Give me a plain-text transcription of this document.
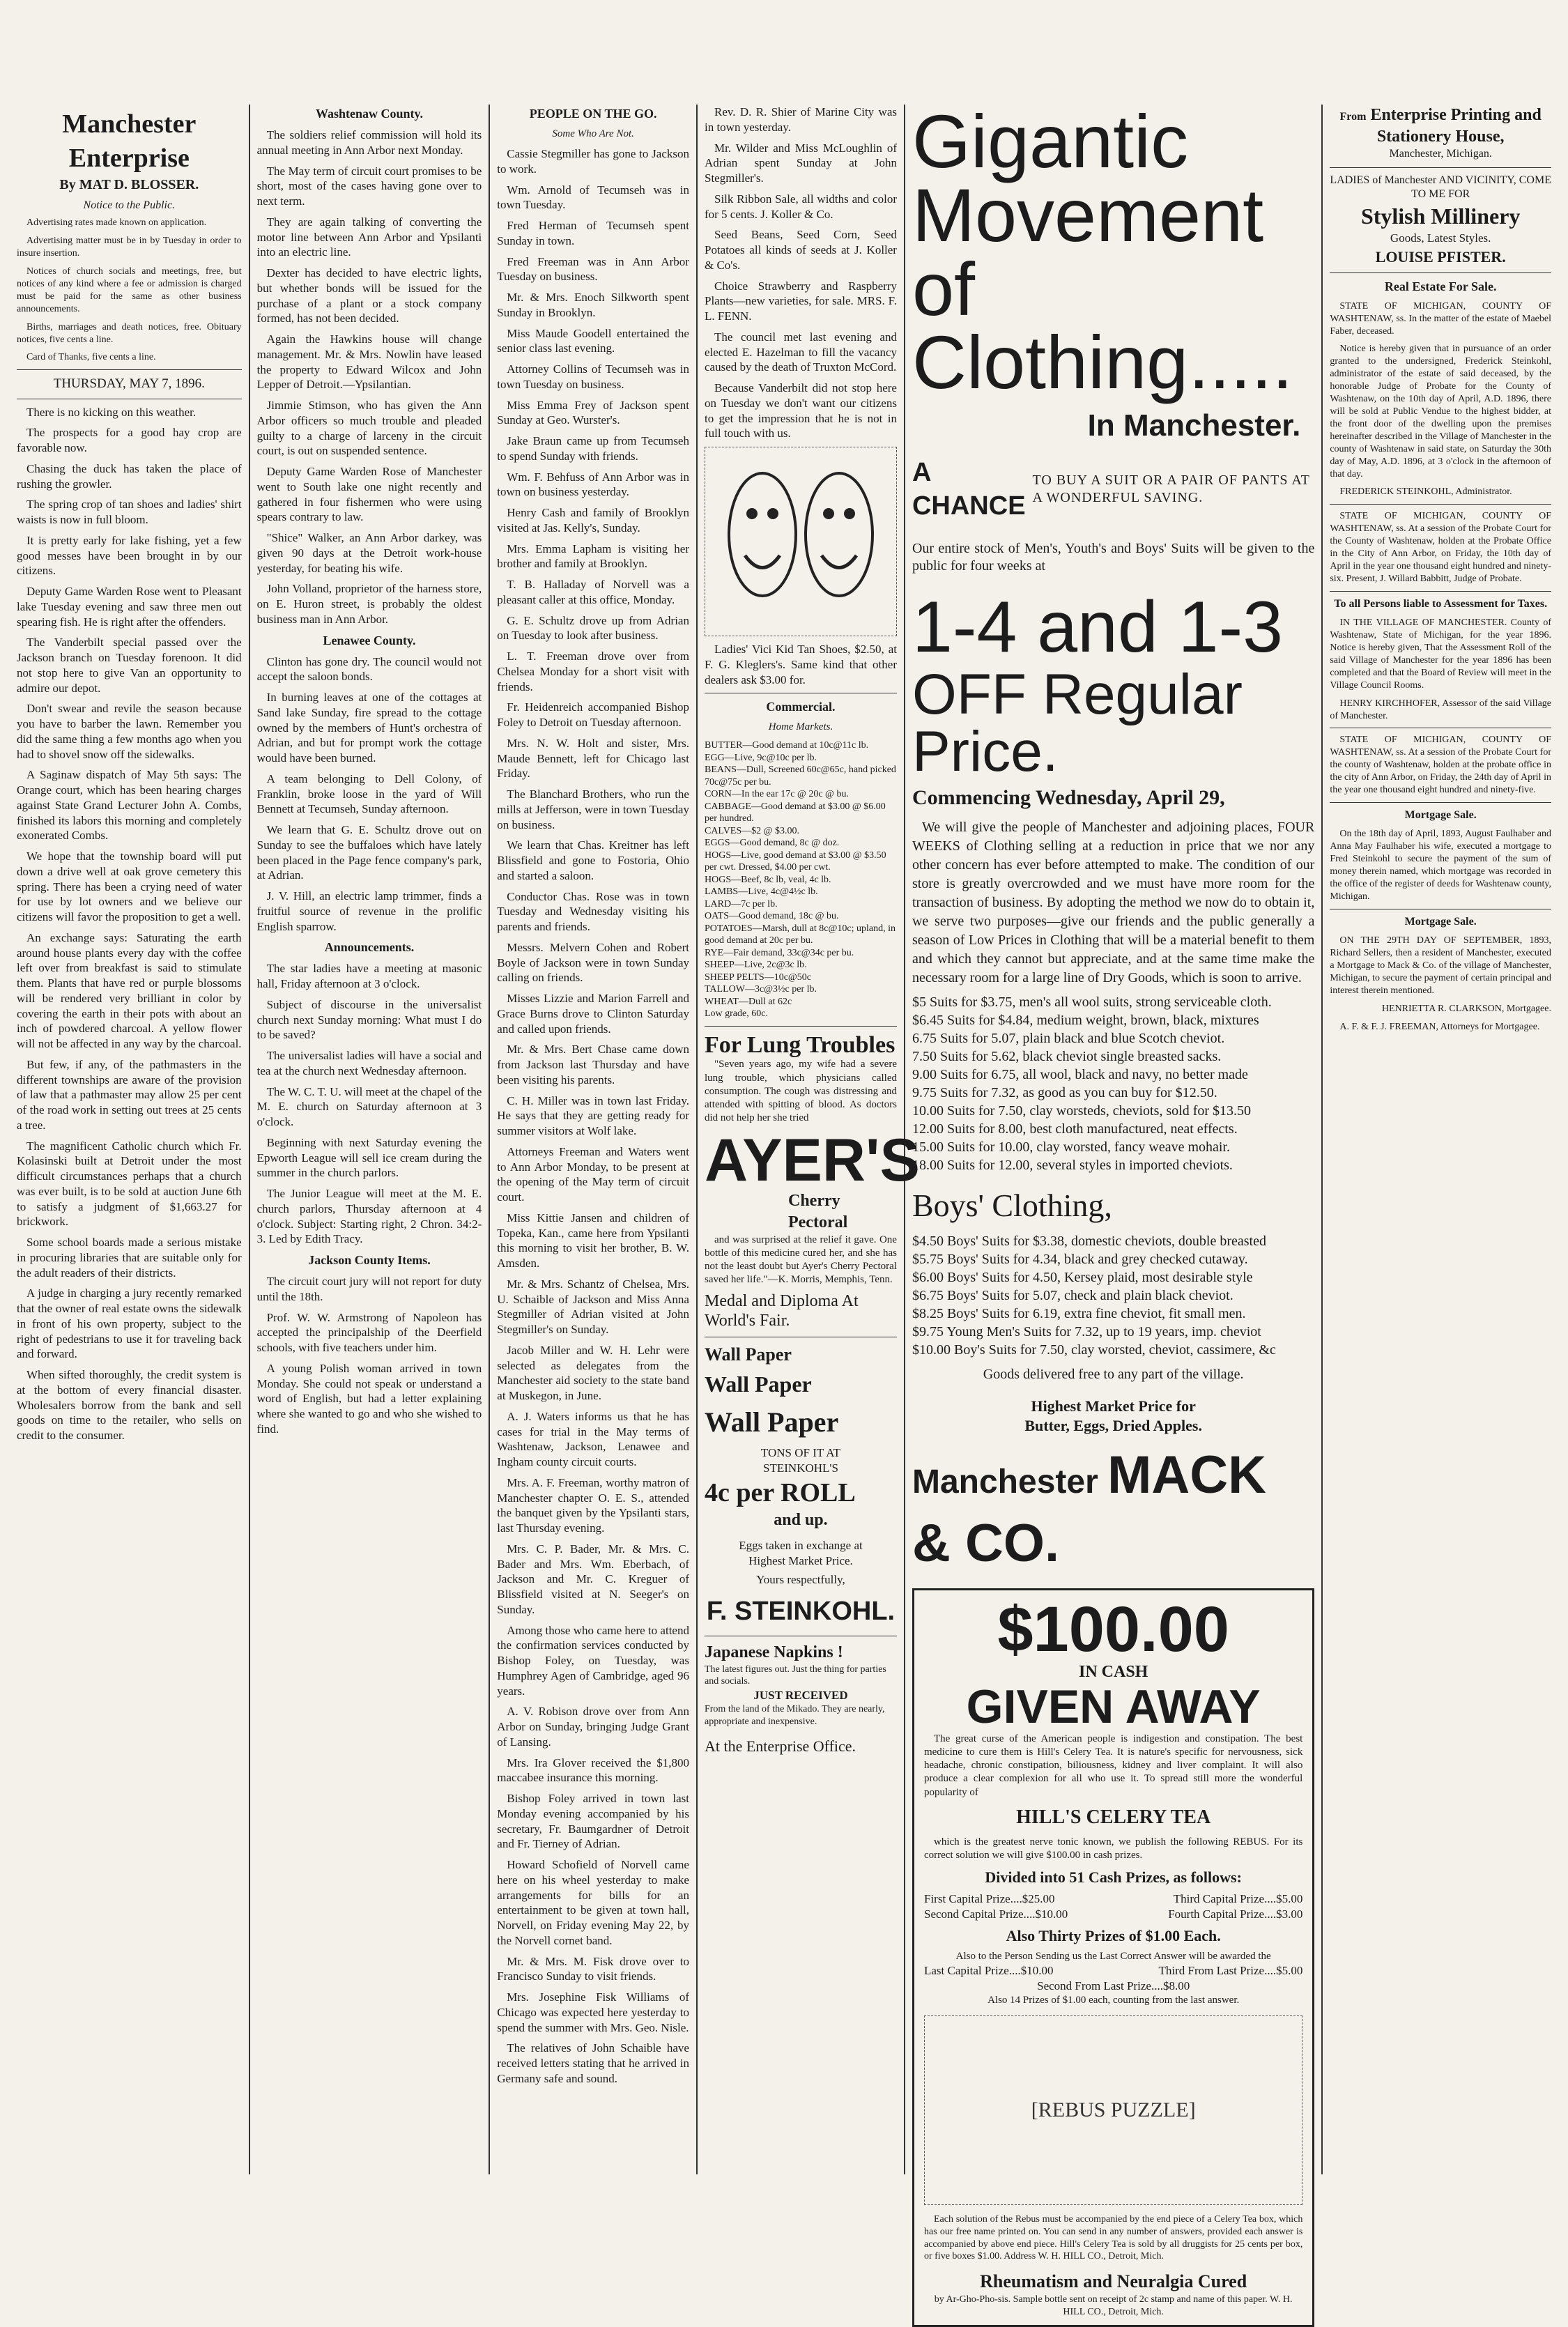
Manchester Enterprise
By MAT D. BLOSSER.
Notice to the Public.

Advertising rates made known on application.

Advertising matter must be in by Tuesday in order to insure insertion.

Notices of church socials and meetings, free, but notices of any kind where a fee or admission is charged must be paid for the same as other business announcements.

Births, marriages and death notices, free. Obituary notices, five cents a line.

Card of Thanks, five cents a line.

THURSDAY, MAY 7, 1896.

There is no kicking on this weather.

The prospects for a good hay crop are favorable now.

Chasing the duck has taken the place of rushing the growler.

The spring crop of tan shoes and ladies' shirt waists is now in full bloom.

It is pretty early for lake fishing, yet a few good messes have been brought in by our citizens.

Deputy Game Warden Rose went to Pleasant lake Tuesday evening and saw three men out spearing fish. He is right after the offenders.

The Vanderbilt special passed over the Jackson branch on Tuesday forenoon. It did not stop here to give Van an opportunity to admire our depot.

Don't swear and revile the season because you have to barber the lawn. Remember you did the same thing a few months ago when you had to shovel snow off the sidewalks.

A Saginaw dispatch of May 5th says: The Orange court, which has been hearing charges against State Grand Lecturer John A. Combs, finished its labors this morning and completely exonerated Combs.

We hope that the township board will put down a drive well at oak grove cemetery this spring. There has been a crying need of water for use by lot owners and we believe our citizens will favor the proposition to get a well.

An exchange says: Saturating the earth around house plants every day with the coffee left over from breakfast is said to stimulate them. Plants that have red or purple blossoms will be rendered very brilliant in color by covering the earth in their pots with about an inch of powdered charcoal. A yellow flower will not be affected in any way by the charcoal.

But few, if any, of the pathmasters in the different townships are aware of the provision of law that a pathmaster may allow 25 per cent of the road work in setting out trees at 25 cents a tree.

The magnificent Catholic church which Fr. Kolasinski built at Detroit under the most difficult circumstances perhaps that a church was ever built, is to be sold at auction June 6th to satisfy a judgment of $1,663.27 for brickwork.

Some school boards made a serious mistake in procuring libraries that are suitable only for the adult readers of their districts.

A judge in charging a jury recently remarked that the owner of real estate owns the sidewalk in front of his own property, subject to the right of pedestrians to use it for traveling back and forward.

When sifted thoroughly, the credit system is at the bottom of every financial disaster. Wholesalers borrow from the bank and sell goods on time to the retailer, who sells on credit to the consumer.

Washtenaw County.

The soldiers relief commission will hold its annual meeting in Ann Arbor next Monday.

The May term of circuit court promises to be short, most of the cases having gone over to next term.

They are again talking of converting the motor line between Ann Arbor and Ypsilanti into an electric line.

Dexter has decided to have electric lights, but whether bonds will be issued for the purchase of a plant or a stock company formed, has not been decided.

Again the Hawkins house will change management. Mr. & Mrs. Nowlin have leased the property to Edward Wilcox and John Lepper of Detroit.—Ypsilantian.

Jimmie Stimson, who has given the Ann Arbor officers so much trouble and pleaded guilty to a charge of larceny in the circuit court, is out on suspended sentence.

Deputy Game Warden Rose of Manchester went to South lake one night recently and gathered in four fishermen who were using spears contrary to law.

"Shice" Walker, an Ann Arbor darkey, was given 90 days at the Detroit work-house yesterday, for beating his wife.

John Volland, proprietor of the harness store, on E. Huron street, is probably the oldest business man in Ann Arbor.

Lenawee County.

Clinton has gone dry. The council would not accept the saloon bonds.

In burning leaves at one of the cottages at Sand lake Sunday, fire spread to the cottage owned by the members of Hunt's orchestra of Adrian, and but for prompt work the cottage would have been burned.

A team belonging to Dell Colony, of Franklin, broke loose in the yard of Will Bennett at Tecumseh, Sunday afternoon.

We learn that G. E. Schultz drove out on Sunday to see the buffaloes which have lately been placed in the Page fence company's park, at Adrian.

J. V. Hill, an electric lamp trimmer, finds a fruitful source of revenue in the prolific English sparrow.

Announcements.

The star ladies have a meeting at masonic hall, Friday afternoon at 3 o'clock.

Subject of discourse in the universalist church next Sunday morning: What must I do to be saved?

The universalist ladies will have a social and tea at the church next Wednesday afternoon.

The W. C. T. U. will meet at the chapel of the M. E. church on Saturday afternoon at 3 o'clock.

Beginning with next Saturday evening the Epworth League will sell ice cream during the summer in the church parlors.

The Junior League will meet at the M. E. church parlors, Thursday afternoon at 4 o'clock. Subject: Starting right, 2 Chron. 34:2-3. Led by Edith Tracy.

Jackson County Items.

The circuit court jury will not report for duty until the 18th.

Prof. W. W. Armstrong of Napoleon has accepted the principalship of the Deerfield schools, with five teachers under him.

A young Polish woman arrived in town Monday. She could not speak or understand a word of English, but had a letter explaining where she wanted to go and who she wished to find.

PEOPLE ON THE GO.
Some Who Are Not.

Cassie Stegmiller has gone to Jackson to work.

Wm. Arnold of Tecumseh was in town Tuesday.

Fred Herman of Tecumseh spent Sunday in town.

Fred Freeman was in Ann Arbor Tuesday on business.

Mr. & Mrs. Enoch Silkworth spent Sunday in Brooklyn.

Miss Maude Goodell entertained the senior class last evening.

Attorney Collins of Tecumseh was in town Tuesday on business.

Miss Emma Frey of Jackson spent Sunday at Geo. Wurster's.

Jake Braun came up from Tecumseh to spend Sunday with friends.

Wm. F. Behfuss of Ann Arbor was in town on business yesterday.

Henry Cash and family of Brooklyn visited at Jas. Kelly's, Sunday.

Mrs. Emma Lapham is visiting her brother and family at Brooklyn.

T. B. Halladay of Norvell was a pleasant caller at this office, Monday.

G. E. Schultz drove up from Adrian on Tuesday to look after business.

L. T. Freeman drove over from Chelsea Monday for a short visit with friends.

Fr. Heidenreich accompanied Bishop Foley to Detroit on Tuesday afternoon.

Mrs. N. W. Holt and sister, Mrs. Maude Bennett, left for Chicago last Friday.

The Blanchard Brothers, who run the mills at Jefferson, were in town Tuesday on business.

We learn that Chas. Kreitner has left Blissfield and gone to Fostoria, Ohio and started a saloon.

Conductor Chas. Rose was in town Tuesday and Wednesday visiting his parents and friends.

Messrs. Melvern Cohen and Robert Boyle of Jackson were in town Sunday calling on friends.

Misses Lizzie and Marion Farrell and Grace Burns drove to Clinton Saturday and called upon friends.

Mr. & Mrs. Bert Chase came down from Jackson last Thursday and have been visiting his parents.

C. H. Miller was in town last Friday. He says that they are getting ready for summer visitors at Wolf lake.

Attorneys Freeman and Waters went to Ann Arbor Monday, to be present at the opening of the May term of circuit court.

Miss Kittie Jansen and children of Topeka, Kan., came here from Ypsilanti this morning to visit her brother, B. W. Amsden.

Mr. & Mrs. Schantz of Chelsea, Mrs. U. Schaible of Jackson and Miss Anna Stegmiller of Adrian visited at John Stegmiller's on Sunday.

Jacob Miller and W. H. Lehr were selected as delegates from the Manchester aid society to the state band at Muskegon, in June.

A. J. Waters informs us that he has cases for trial in the May terms of Washtenaw, Jackson, Lenawee and Ingham county circuit courts.

Mrs. A. F. Freeman, worthy matron of Manchester chapter O. E. S., attended the banquet given by the Ypsilanti stars, last Thursday evening.

Mrs. C. P. Bader, Mr. & Mrs. C. Bader and Mrs. Wm. Eberbach, of Jackson and Mr. C. Kreguer of Blissfield visited at N. Seeger's on Sunday.

Among those who came here to attend the confirmation services conducted by Bishop Foley, on Tuesday, was Humphrey Agen of Cambridge, aged 96 years.

A. V. Robison drove over from Ann Arbor on Sunday, bringing Judge Grant of Lansing.

Mrs. Ira Glover received the $1,800 maccabee insurance this morning.

Bishop Foley arrived in town last Monday evening accompanied by his secretary, Fr. Baumgardner of Detroit and Fr. Tierney of Adrian.

Howard Schofield of Norvell came here on his wheel yesterday to make arrangements for bills for an entertainment to be given at town hall, Norvell, on Friday evening May 22, by the Norvell cornet band.

Mr. & Mrs. M. Fisk drove over to Francisco Sunday to visit friends.

Mrs. Josephine Fisk Williams of Chicago was expected here yesterday to spend the summer with Mrs. Geo. Nisle.

The relatives of John Schaible have received letters stating that he arrived in Germany safe and sound.

Rev. D. R. Shier of Marine City was in town yesterday.

Mr. Wilder and Miss McLoughlin of Adrian spent Sunday at John Stegmiller's.

Silk Ribbon Sale, all widths and color for 5 cents. J. Koller & Co.

Seed Beans, Seed Corn, Seed Potatoes all kinds of seeds at J. Koller & Co's.

Choice Strawberry and Raspberry Plants—new varieties, for sale. MRS. F. L. FENN.

The council met last evening and elected E. Hazelman to fill the vacancy caused by the death of Truxton McCord.

Because Vanderbilt did not stop here on Tuesday we don't want our citizens to get the impression that he is not in full touch with us.

Ladies' Vici Kid Tan Shoes, $2.50, at F. G. Kleglers's. Same kind that other dealers ask $3.00 for.

Commercial.
Home Markets.
BUTTER—Good demand at 10c@11c lb.
EGG—Live, 9c@10c per lb.
BEANS—Dull, Screened 60c@65c, hand picked 70c@75c per bu.
CORN—In the ear 17c @ 20c @ bu.
CABBAGE—Good demand at $3.00 @ $6.00 per hundred.
CALVES—$2 @ $3.00.
EGGS—Good demand, 8c @ doz.
HOGS—Live, good demand at $3.00 @ $3.50 per cwt. Dressed, $4.00 per cwt.
HOGS—Beef, 8c lb, veal, 4c lb.
LAMBS—Live, 4c@4½c lb.
LARD—7c per lb.
OATS—Good demand, 18c @ bu.
POTATOES—Marsh, dull at 8c@10c; upland, in good demand at 20c per bu.
RYE—Fair demand, 33c@34c per bu.
SHEEP—Live, 2c@3c lb.
SHEEP PELTS—10c@50c
TALLOW—3c@3½c per lb.
WHEAT—Dull at 62c
Low grade, 60c.
For Lung Troubles

"Seven years ago, my wife had a severe lung trouble, which physicians called consumption. The cough was distressing and attended with spitting of blood. As doctors did not help her she tried

AYER'S
Cherry Pectoral

and was surprised at the relief it gave. One bottle of this medicine cured her, and she has not the least doubt but Ayer's Cherry Pectoral saved her life."—K. Morris, Memphis, Tenn.

Medal and Diploma At World's Fair.
Wall Paper
Wall Paper
Wall Paper
TONS OF IT AT
STEINKOHL'S
4c per ROLL
and up.
Eggs taken in exchange at
Highest Market Price.
Yours respectfully,
F. STEINKOHL.
Japanese Napkins !
The latest figures out. Just the thing for parties and socials.
JUST RECEIVED
From the land of the Mikado. They are nearly, appropriate and inexpensive.
At the Enterprise Office.
Gigantic
Movement
of Clothing.....
In Manchester.
A CHANCE
TO BUY A SUIT OR A PAIR OF PANTS AT A WONDERFUL SAVING.

Our entire stock of Men's, Youth's and Boys' Suits will be given to the public for four weeks at

1-4 and 1-3
OFF Regular Price.
Commencing Wednesday, April 29,

We will give the people of Manchester and adjoining places, FOUR WEEKS of Clothing selling at a reduction in price that we nor any other concern has ever before attempted to make. The condition of our store is greatly overcrowded and we must have more room for the transaction of business. By adopting the method we now do to obtain it, we serve two purposes—give our friends and the public generally a season of Low Prices in Clothing that will be a material benefit to them and which they cannot but appreciate, and at the same time make the necessary room for a large line of Dry Goods, which is soon to arrive.

$5 Suits for $3.75, men's all wool suits, strong serviceable cloth.
$6.45 Suits for $4.84, medium weight, brown, black, mixtures
6.75 Suits for 5.07, plain black and blue Scotch cheviot.
7.50 Suits for 5.62, black cheviot single breasted sacks.
9.00 Suits for 6.75, all wool, black and navy, no better made
9.75 Suits for 7.32, as good as you can buy for $12.50.
10.00 Suits for 7.50, clay worsteds, cheviots, sold for $13.50
12.00 Suits for 8.00, best cloth manufactured, neat effects.
15.00 Suits for 10.00, clay worsted, fancy weave mohair.
18.00 Suits for 12.00, several styles in imported cheviots.
Boys' Clothing,
$4.50 Boys' Suits for $3.38, domestic cheviots, double breasted
$5.75 Boys' Suits for 4.34, black and grey checked cutaway.
$6.00 Boys' Suits for 4.50, Kersey plaid, most desirable style
$6.75 Boys' Suits for 5.07, check and plain black cheviot.
$8.25 Boys' Suits for 6.19, extra fine cheviot, fit small men.
$9.75 Young Men's Suits for 7.32, up to 19 years, imp. cheviot
$10.00 Boy's Suits for 7.50, clay worsted, cheviot, cassimere, &c
Goods delivered free to any part of the village.
Highest Market Price for
Butter, Eggs, Dried Apples.
Manchester MACK & CO.
$100.00
IN CASH
GIVEN AWAY

The great curse of the American people is indigestion and constipation. The best medicine to cure them is Hill's Celery Tea. It is nature's specific for nervousness, sick headache, chronic constipation, biliousness, kidney and liver complaint. It will also produce a clear complexion for all who use it. To spread still more the wonderful popularity of

HILL'S CELERY TEA

which is the greatest nerve tonic known, we publish the following REBUS. For its correct solution we will give $100.00 in cash prizes.

Divided into 51 Cash Prizes, as follows:
First Capital Prize....$25.00	Third Capital Prize....$5.00
Second Capital Prize....$10.00	Fourth Capital Prize....$3.00
Also Thirty Prizes of $1.00 Each.
Also to the Person Sending us the Last Correct Answer will be awarded the
Last Capital Prize....$10.00	Third From Last Prize....$5.00
Second From Last Prize....$8.00
Also 14 Prizes of $1.00 each, counting from the last answer.
[REBUS PUZZLE]

Each solution of the Rebus must be accompanied by the end piece of a Celery Tea box, which has our free name printed on. You can send in any number of answers, provided each answer is accompanied by above end piece. Hill's Celery Tea is sold by all druggists for 25 cents per box, or five boxes $1.00. Address W. H. HILL CO., Detroit, Mich.

Rheumatism and Neuralgia Cured
by Ar-Gho-Pho-sis. Sample bottle sent on receipt of 2c stamp and name of this paper. W. H. HILL CO., Detroit, Mich.
From Enterprise Printing and Stationery House,
Manchester, Michigan.
LADIES of Manchester AND VICINITY, COME TO ME FOR
Stylish Millinery
Goods, Latest Styles.
LOUISE PFISTER.
Real Estate For Sale.

STATE OF MICHIGAN, COUNTY OF WASHTENAW, ss. In the matter of the estate of Maebel Faber, deceased.

Notice is hereby given that in pursuance of an order granted to the undersigned, Frederick Steinkohl, administrator of the estate of said deceased, by the honorable Judge of Probate for the County of Washtenaw, on the 10th day of April, A.D. 1896, there will be sold at Public Vendue to the highest bidder, at the front door of the dwelling upon the premises hereinafter described in the Village of Manchester in the county of Washtenaw in said state, on Saturday the 30th day of May, A.D. 1896, at 3 o'clock in the afternoon of that day.

FREDERICK STEINKOHL, Administrator.

STATE OF MICHIGAN, COUNTY OF WASHTENAW, ss. At a session of the Probate Court for the County of Washtenaw, holden at the Probate Office in the City of Ann Arbor, on Friday, the 10th day of April in the year one thousand eight hundred and ninety-six. Present, J. Willard Babbitt, Judge of Probate.

To all Persons liable to Assessment for Taxes.

IN THE VILLAGE OF MANCHESTER. County of Washtenaw, State of Michigan, for the year 1896. Notice is hereby given, That the Assessment Roll of the said Village of Manchester for the year 1896 has been completed and that the Board of Review will meet in the Village Council Rooms.

HENRY KIRCHHOFER, Assessor of the said Village of Manchester.

STATE OF MICHIGAN, COUNTY OF WASHTENAW, ss. At a session of the Probate Court for the county of Washtenaw, holden at the probate office in the city of Ann Arbor, on Friday, the 24th day of April in the year one thousand eight hundred and ninety-five.

Mortgage Sale.

On the 18th day of April, 1893, August Faulhaber and Anna May Faulhaber his wife, executed a mortgage to Fred Steinkohl to secure the payment of the sum of money therein named, which mortgage was recorded in the office of the register of deeds for Washtenaw county, Michigan.

Mortgage Sale.

ON THE 29TH DAY OF SEPTEMBER, 1893, Richard Sellers, then a resident of Manchester, executed a Mortgage to Mack & Co. of the village of Manchester, Michigan, to secure the payment of certain principal and interest therein mentioned.

HENRIETTA R. CLARKSON, Mortgagee.

A. F. & F. J. FREEMAN, Attorneys for Mortgagee.
